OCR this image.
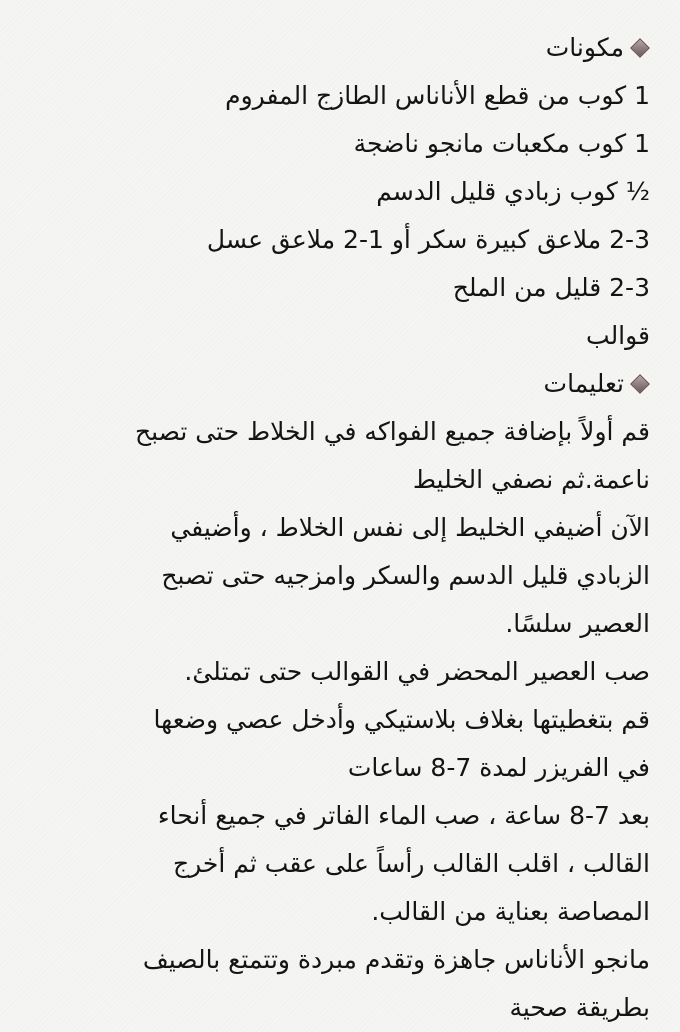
مكونات
1 كوب من قطع الأناناس الطازج المفروم
1 كوب مكعبات مانجو ناضجة
½ كوب زبادي قليل الدسم
2-3 ملاعق كبيرة سكر أو 1-2 ملاعق عسل
2-3 قليل من الملح
قوالب
تعليمات
قم أولاً بإضافة جميع الفواكه في الخلاط حتى تصبح
ناعمة.ثم نصفي الخليط
الآن أضيفي الخليط إلى نفس الخلاط ، وأضيفي
الزبادي قليل الدسم والسكر وامزجيه حتى تصبح
العصير سلسًا.
صب العصير المحضر في القوالب حتى تمتلئ.
قم بتغطيتها بغلاف بلاستيكي وأدخل عصي وضعها
في الفريزر لمدة 7-8 ساعات
بعد 7-8 ساعة ، صب الماء الفاتر في جميع أنحاء
القالب ، اقلب القالب رأساً على عقب ثم أخرج
المصاصة بعناية من القالب.
مانجو الأناناس جاهزة وتقدم مبردة وتتمتع بالصيف
بطريقة صحية
